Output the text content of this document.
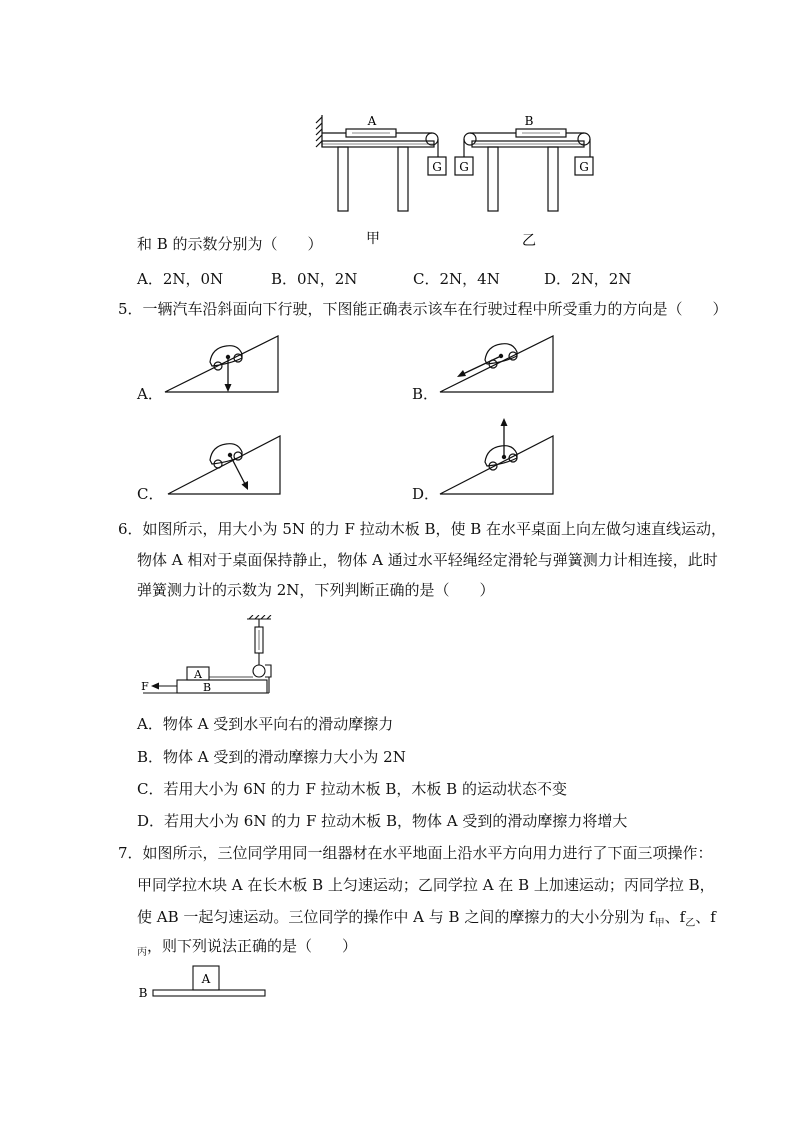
A	B
G G	G
甲	乙
和 B 的示数分别为（　　）
A．2N，0N	B．0N，2N	C．2N，4N	D．2N，2N
5．一辆汽车沿斜面向下行驶，下图能正确表示该车在行驶过程中所受重力的方向是（　　）
A．	B．
C．	D．
6．如图所示，用大小为 5N 的力 F 拉动木板 B，使 B 在水平桌面上向左做匀速直线运动，
物体 A 相对于桌面保持静止，物体 A 通过水平轻绳经定滑轮与弹簧测力计相连接，此时
弹簧测力计的示数为 2N，下列判断正确的是（　　）
A
B
F
A．物体 A 受到水平向右的滑动摩擦力
B．物体 A 受到的滑动摩擦力大小为 2N
C．若用大小为 6N 的力 F 拉动木板 B，木板 B 的运动状态不变
D．若用大小为 6N 的力 F 拉动木板 B，物体 A 受到的滑动摩擦力将增大
7．如图所示，三位同学用同一组器材在水平地面上沿水平方向用力进行了下面三项操作：
甲同学拉木块 A 在长木板 B 上匀速运动；乙同学拉 A 在 B 上加速运动；丙同学拉 B，
使 AB 一起匀速运动。三位同学的操作中 A 与 B 之间的摩擦力的大小分别为 $f_甲$、$f_乙$、f
$_丙$，则下列说法正确的是（　　）
A
B
